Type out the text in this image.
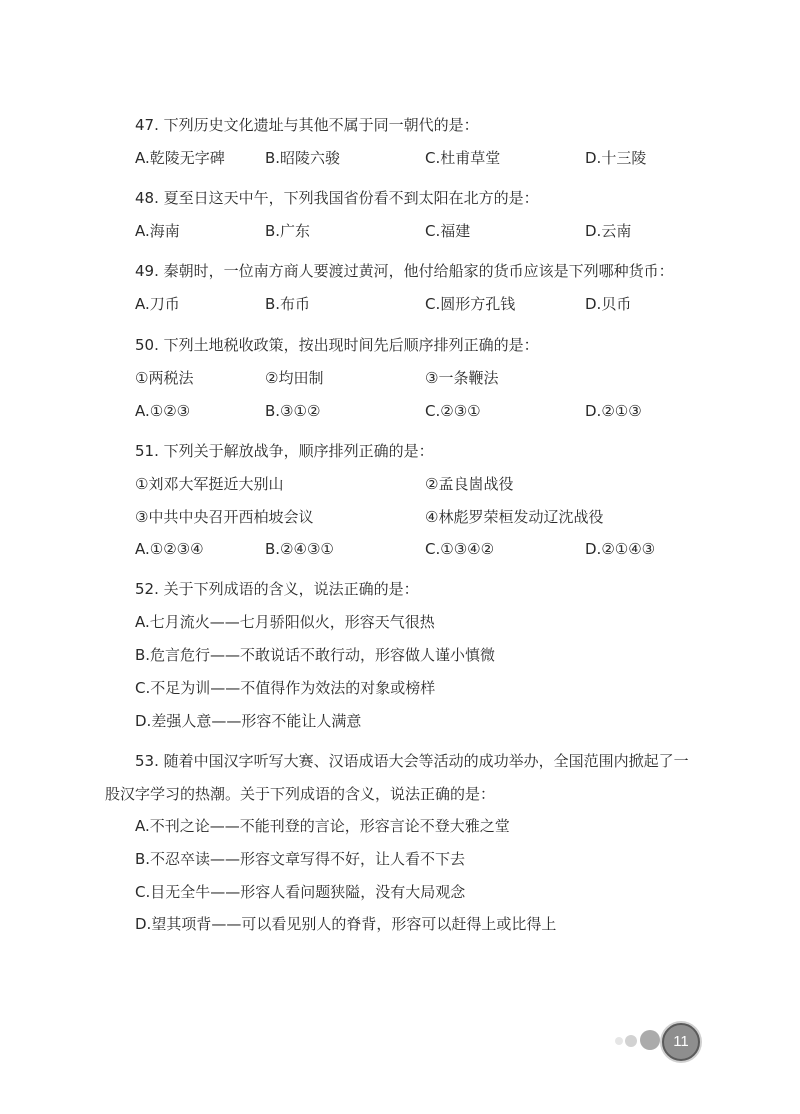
47. 下列历史文化遗址与其他不属于同一朝代的是：
A.乾陵无字碑	B.昭陵六骏	C.杜甫草堂	D.十三陵
48. 夏至日这天中午，下列我国省份看不到太阳在北方的是：
A.海南	B.广东	C.福建	D.云南
49. 秦朝时，一位南方商人要渡过黄河，他付给船家的货币应该是下列哪种货币：
A.刀币	B.布币	C.圆形方孔钱	D.贝币
50. 下列土地税收政策，按出现时间先后顺序排列正确的是：
①两税法	②均田制	③一条鞭法
A.①②③	B.③①②	C.②③①	D.②①③
51. 下列关于解放战争，顺序排列正确的是：
①刘邓大军挺近大别山	②孟良崮战役
③中共中央召开西柏坡会议	④林彪罗荣桓发动辽沈战役
A.①②③④	B.②④③①	C.①③④②	D.②①④③
52. 关于下列成语的含义，说法正确的是：
A.七月流火——七月骄阳似火，形容天气很热
B.危言危行——不敢说话不敢行动，形容做人谨小慎微
C.不足为训——不值得作为效法的对象或榜样
D.差强人意——形容不能让人满意
53. 随着中国汉字听写大赛、汉语成语大会等活动的成功举办，全国范围内掀起了一
股汉字学习的热潮。关于下列成语的含义，说法正确的是：
A.不刊之论——不能刊登的言论，形容言论不登大雅之堂
B.不忍卒读——形容文章写得不好，让人看不下去
C.目无全牛——形容人看问题狭隘，没有大局观念
D.望其项背——可以看见别人的脊背，形容可以赶得上或比得上
11
